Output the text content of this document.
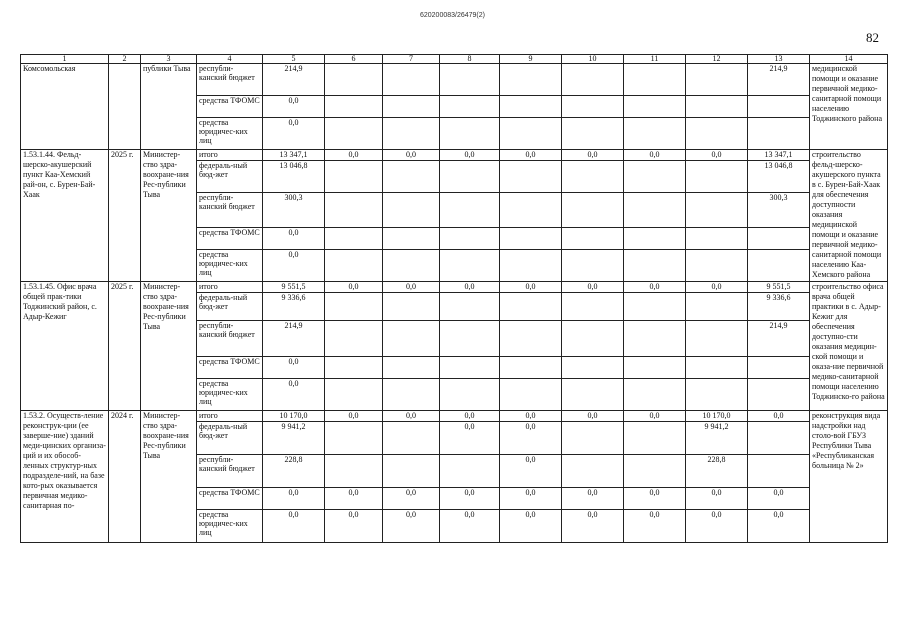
620200083/26479(2)
82
1	2	3	4	5	6	7	8	9	10	11	12	13	14
Комсомольская		публики Тыва	республи-канский бюджет	214,9								214,9	медицинской помощи и оказание первичной медико-санитарной помощи населению Тоджинского района
			средства ТФОМС	0,0									
			средства юридичес-ких лиц	0,0									
1.53.1.44. Фельд-шерско-акушерский пункт Каа-Хемский рай-он, с. Бурен-Бай-Хаак	2025 г.	Министер-ство здра-воохране-ния Рес-публики Тыва	итого	13 347,1	0,0	0,0	0,0	0,0	0,0	0,0	0,0	13 347,1	строительство фельд-шерско-акушерского пункта в с. Бурен-Бай-Хаак для обеспечения доступности оказания медицинской помощи и оказание первичной медико-санитарной помощи населению Каа-Хемского района
			федераль-ный бюд-жет	13 046,8								13 046,8	
			республи-канский бюджет	300,3								300,3	
			средства ТФОМС	0,0									
			средства юридичес-ких лиц	0,0									
1.53.1.45. Офис врача общей прак-тики Тоджинский район, с. Адыр-Кежиг	2025 г.	Министер-ство здра-воохране-ния Рес-публики Тыва	итого	9 551,5	0,0	0,0	0,0	0,0	0,0	0,0	0,0	9 551,5	строительство офиса врача общей практики в с. Адыр-Кежиг для обеспечения доступно-сти оказания медицин-ской помощи и оказа-ние первичной медико-санитарной помощи населению Тоджинско-го района
			федераль-ный бюд-жет	9 336,6								9 336,6	
			республи-канский бюджет	214,9								214,9	
			средства ТФОМС	0,0									
			средства юридичес-ких лиц	0,0									
1.53.2. Осуществ-ление реконструк-ции (ее заверше-ние) зданий меди-цинских организа-ций и их обособ-ленных структур-ных подразделе-ний, на базе кото-рых оказывается первичная медико-санитарная по-	2024 г.	Министер-ство здра-воохране-ния Рес-публики Тыва	итого	10 170,0	0,0	0,0	0,0	0,0	0,0	0,0	10 170,0	0,0	реконструкция вида надстройки над столо-вой ГБУЗ Республики Тыва «Республиканская больница № 2»
			федераль-ный бюд-жет	9 941,2			0,0	0,0			9 941,2		
			республи-канский бюджет	228,8				0,0			228,8		
			средства ТФОМС	0,0	0,0	0,0	0,0	0,0	0,0	0,0	0,0	0,0	
			средства юридичес-ких лиц	0,0	0,0	0,0	0,0	0,0	0,0	0,0	0,0	0,0	
